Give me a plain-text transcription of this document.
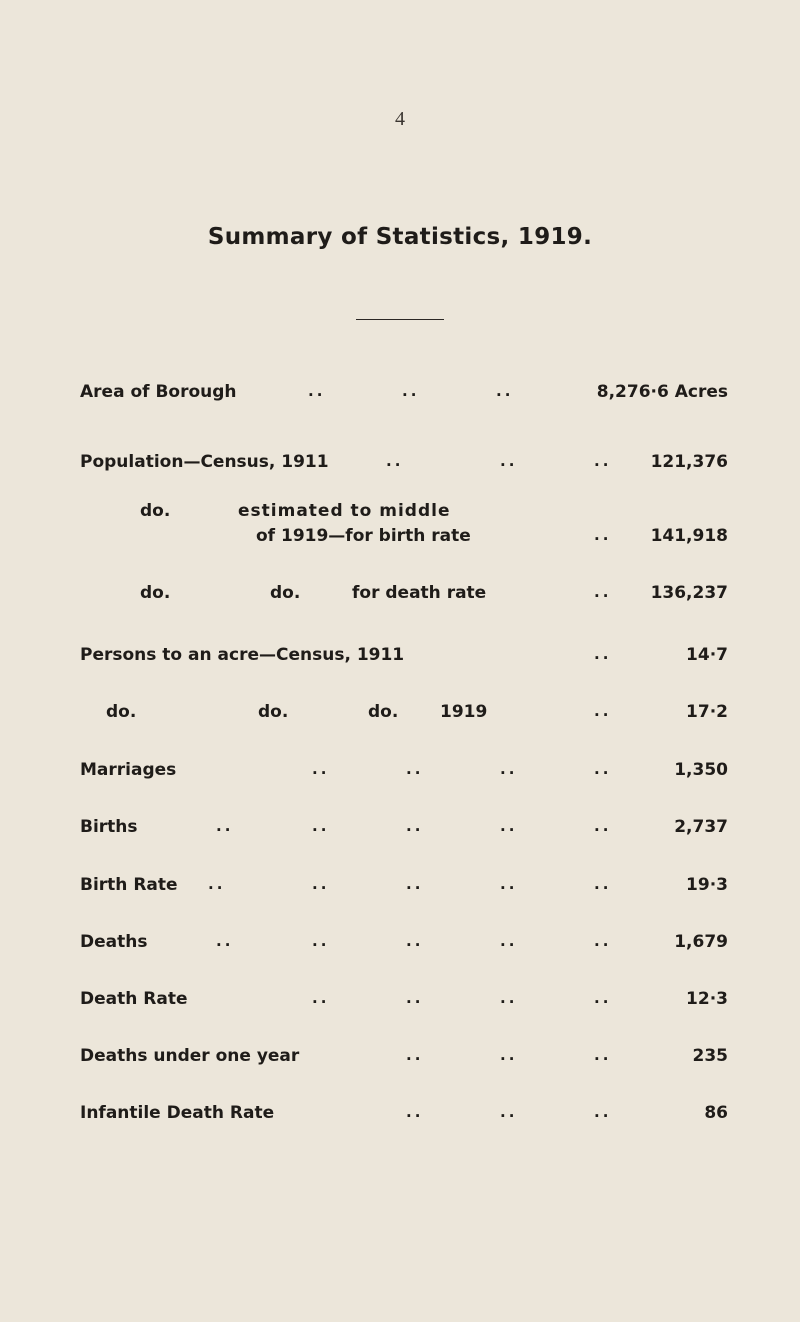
4
Summary of Statistics, 1919.
Area of Borough	..	..	..	8,276·6 Acres
Population—Census, 1911	..	..	.. 121,376
do.	estimated to middle
of 1919—for birth rate	.. 141,918
do.	do.	for death rate	.. 136,237
Persons to an acre—Census, 1911	..	14·7
do.	do.	do. 1919	..	17·2
Marriages	..	..	..	..	1,350
Births	..	..	..	..	..	2,737
Birth Rate ..	..	..	..	..	19·3
Deaths	..	..	..	..	..	1,679
Death Rate	..	..	..	..	12·3
Deaths under one year	..	..	..	235
Infantile Death Rate	..	..	..	86
